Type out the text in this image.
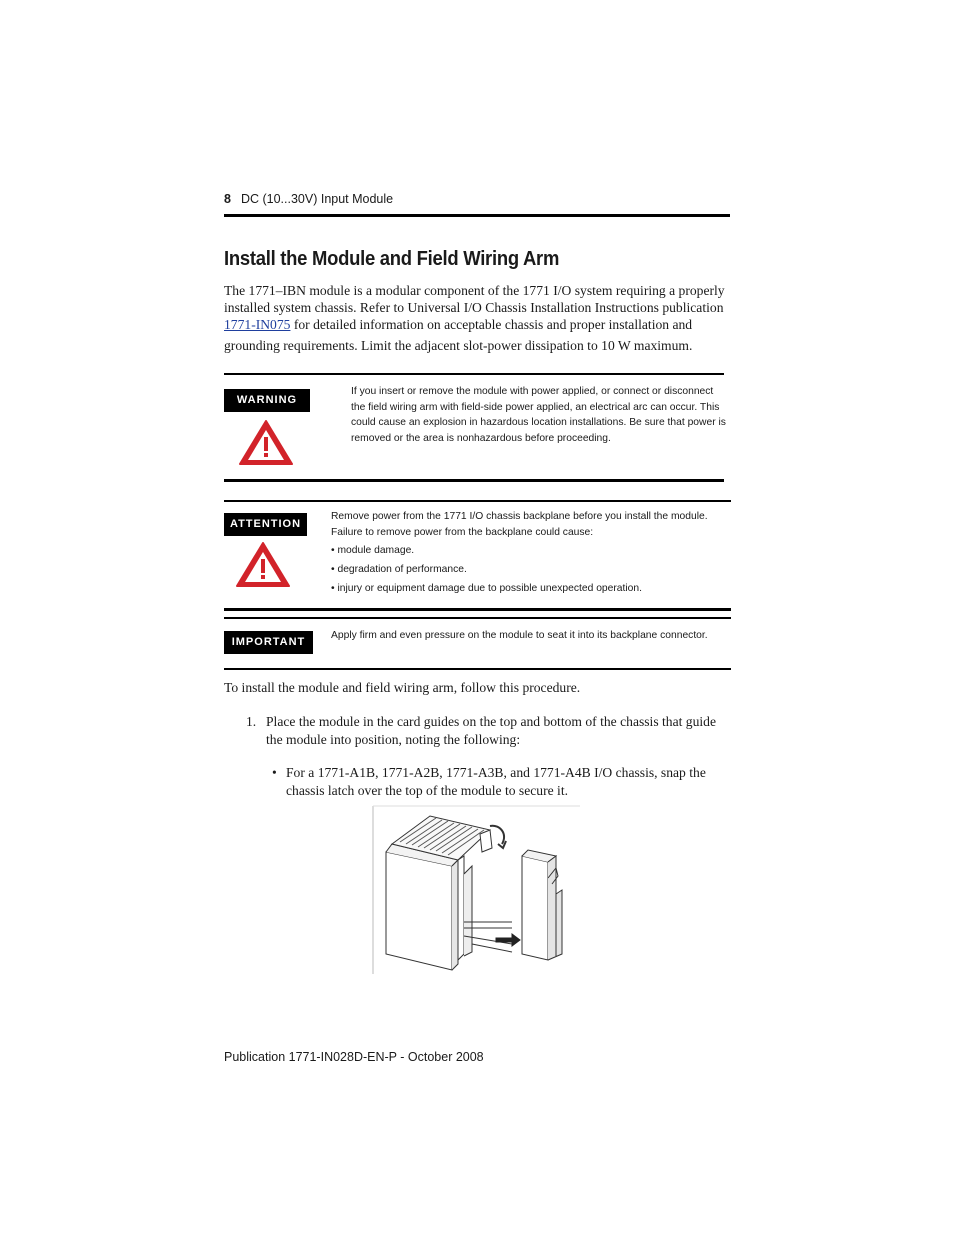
8 DC (10...30V) Input Module
Install the Module and Field Wiring Arm
The 1771–IBN module is a modular component of the 1771 I/O system requiring a properly
installed system chassis. Refer to Universal I/O Chassis Installation Instructions publication
1771-IN075 for detailed information on acceptable chassis and proper installation and
grounding requirements. Limit the adjacent slot-power dissipation to 10 W maximum.
WARNING
If you insert or remove the module with power applied, or connect or disconnect
the field wiring arm with field-side power applied, an electrical arc can occur. This
could cause an explosion in hazardous location installations. Be sure that power is
removed or the area is nonhazardous before proceeding.
ATTENTION
Remove power from the 1771 I/O chassis backplane before you install the module.
Failure to remove power from the backplane could cause:
• module damage.
• degradation of performance.
• injury or equipment damage due to possible unexpected operation.
IMPORTANT
Apply firm and even pressure on the module to seat it into its backplane connector.
To install the module and field wiring arm, follow this procedure.
1. Place the module in the card guides on the top and bottom of the chassis that guide
the module into position, noting the following:
• For a 1771-A1B, 1771-A2B, 1771-A3B, and 1771-A4B I/O chassis, snap the
chassis latch over the top of the module to secure it.
Publication 1771-IN028D-EN-P - October 2008
